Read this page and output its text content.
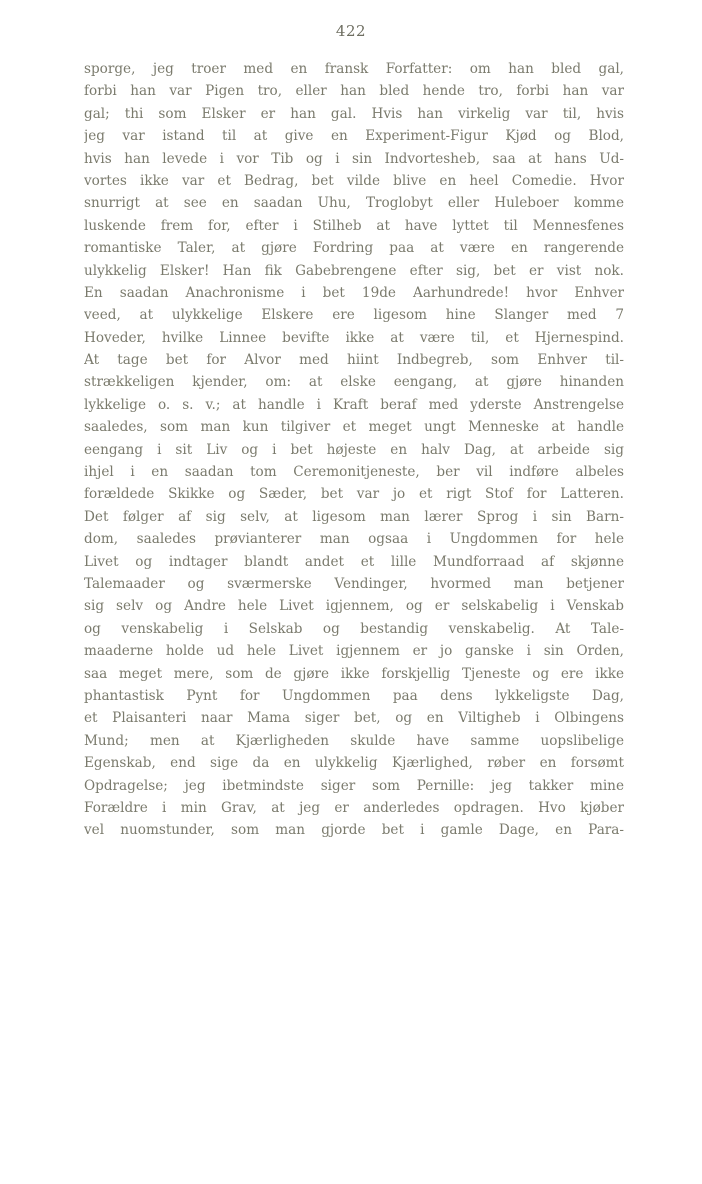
422
sporge, jeg troer med en fransk Forfatter: om han bled gal,
forbi han var Pigen tro, eller han bled hende tro, forbi han var
gal; thi som Elsker er han gal. Hvis han virkelig var til, hvis
jeg var istand til at give en Experiment-Figur Kjød og Blod,
hvis han levede i vor Tib og i sin Indvortesheb, saa at hans Ud-
vortes ikke var et Bedrag, bet vilde blive en heel Comedie. Hvor
snurrigt at see en saadan Uhu, Troglobyt eller Huleboer komme
luskende frem for, efter i Stilheb at have lyttet til Mennesfenes
romantiske Taler, at gjøre Fordring paa at være en rangerende
ulykkelig Elsker! Han fik Gabebrengene efter sig, bet er vist nok.
En saadan Anachronisme i bet 19de Aarhundrede! hvor Enhver
veed, at ulykkelige Elskere ere ligesom hine Slanger med 7
Hoveder, hvilke Linnee bevifte ikke at være til, et Hjernespind.
At tage bet for Alvor med hiint Indbegreb, som Enhver til-
strækkeligen kjender, om: at elske eengang, at gjøre hinanden
lykkelige o. s. v.; at handle i Kraft beraf med yderste Anstrengelse
saaledes, som man kun tilgiver et meget ungt Menneske at handle
eengang i sit Liv og i bet højeste en halv Dag, at arbeide sig
ihjel i en saadan tom Ceremonitjeneste, ber vil indføre albeles
forældede Skikke og Sæder, bet var jo et rigt Stof for Latteren.
Det følger af sig selv, at ligesom man lærer Sprog i sin Barn-
dom, saaledes prøvianterer man ogsaa i Ungdommen for hele
Livet og indtager blandt andet et lille Mundforraad af skjønne
Talemaader og sværmerske Vendinger, hvormed man betjener
sig selv og Andre hele Livet igjennem, og er selskabelig i Venskab
og venskabelig i Selskab og bestandig venskabelig. At Tale-
maaderne holde ud hele Livet igjennem er jo ganske i sin Orden,
saa meget mere, som de gjøre ikke forskjellig Tjeneste og ere ikke
phantastisk Pynt for Ungdommen paa dens lykkeligste Dag,
et Plaisanteri naar Mama siger bet, og en Viltigheb i Olbingens
Mund; men at Kjærligheden skulde have samme uopslibelige
Egenskab, end sige da en ulykkelig Kjærlighed, røber en forsømt
Opdragelse; jeg ibetmindste siger som Pernille: jeg takker mine
Forældre i min Grav, at jeg er anderledes opdragen. Hvo kjøber
vel nuomstunder, som man gjorde bet i gamle Dage, en Para-
